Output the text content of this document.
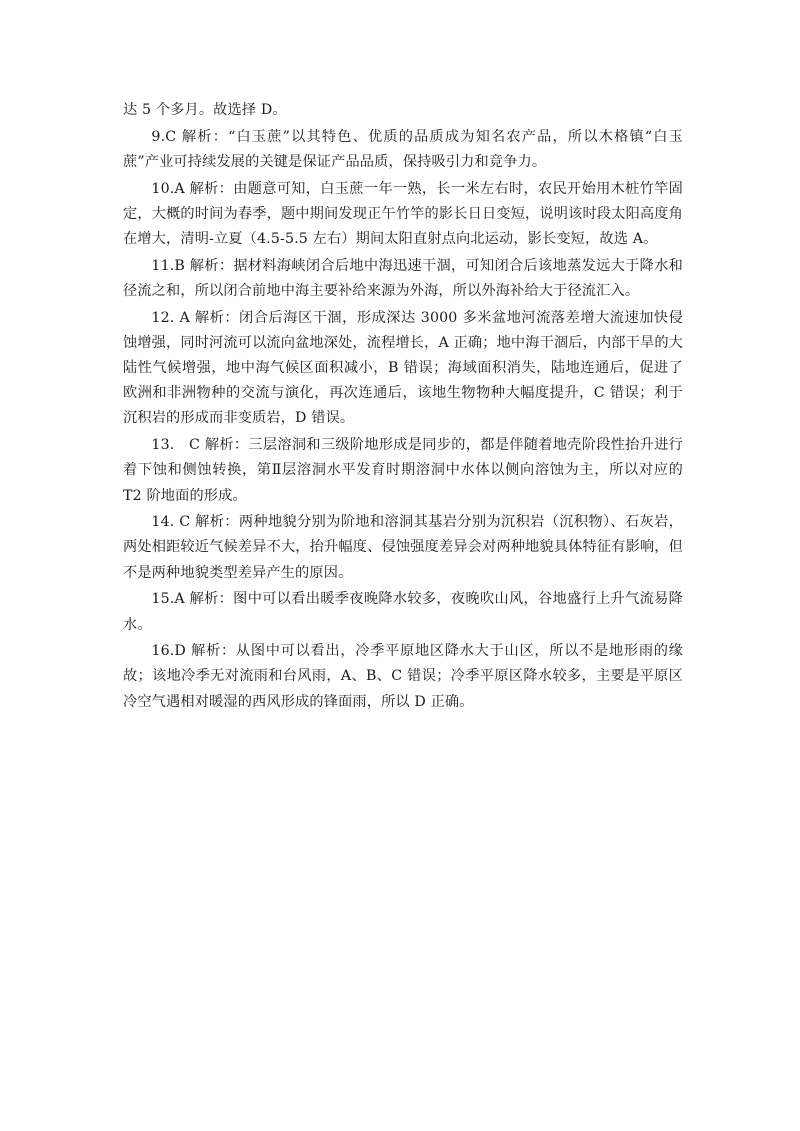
达 5 个多月。故选择 D。

9.C 解析：“白玉蔗”以其特色、优质的品质成为知名农产品，所以木格镇“白玉蔗”产业可持续发展的关键是保证产品品质，保持吸引力和竞争力。

10.A 解析：由题意可知，白玉蔗一年一熟，长一米左右时，农民开始用木桩竹竿固定，大概的时间为春季，题中期间发现正午竹竿的影长日日变短，说明该时段太阳高度角在增大，清明-立夏（4.5-5.5 左右）期间太阳直射点向北运动，影长变短，故选 A。

11.B 解析：据材料海峡闭合后地中海迅速干涸，可知闭合后该地蒸发远大于降水和径流之和，所以闭合前地中海主要补给来源为外海，所以外海补给大于径流汇入。

12. A 解析：闭合后海区干涸，形成深达 3000 多米盆地河流落差增大流速加快侵蚀增强，同时河流可以流向盆地深处，流程增长，A 正确；地中海干涸后，内部干旱的大陆性气候增强，地中海气候区面积减小，B 错误；海域面积消失，陆地连通后，促进了欧洲和非洲物种的交流与演化，再次连通后，该地生物物种大幅度提升，C 错误；利于沉积岩的形成而非变质岩，D 错误。

13.　C 解析：三层溶洞和三级阶地形成是同步的，都是伴随着地壳阶段性抬升进行着下蚀和侧蚀转换，第Ⅱ层溶洞水平发育时期溶洞中水体以侧向溶蚀为主，所以对应的 T2 阶地面的形成。

14. C 解析：两种地貌分别为阶地和溶洞其基岩分别为沉积岩（沉积物）、石灰岩，两处相距较近气候差异不大，抬升幅度、侵蚀强度差异会对两种地貌具体特征有影响，但不是两种地貌类型差异产生的原因。

15.A 解析：图中可以看出暖季夜晚降水较多，夜晚吹山风，谷地盛行上升气流易降水。

16.D 解析：从图中可以看出，冷季平原地区降水大于山区，所以不是地形雨的缘故；该地冷季无对流雨和台风雨，A、B、C 错误；冷季平原区降水较多，主要是平原区冷空气遇相对暖湿的西风形成的锋面雨，所以 D 正确。
